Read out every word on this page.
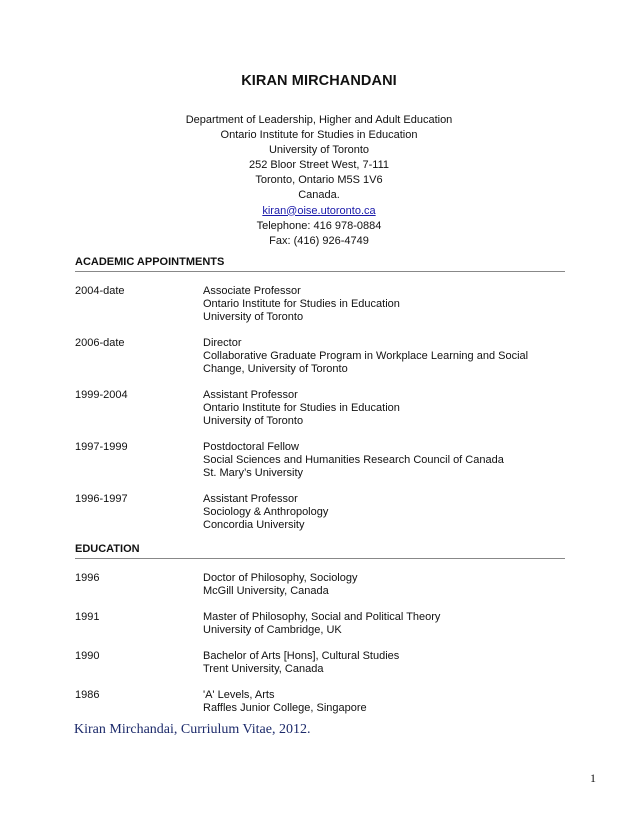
KIRAN MIRCHANDANI
Department of Leadership, Higher and Adult Education
Ontario Institute for Studies in Education
University of Toronto
252 Bloor Street West, 7-111
Toronto, Ontario M5S 1V6
Canada.
kiran@oise.utoronto.ca
Telephone: 416 978-0884
Fax: (416) 926-4749
ACADEMIC APPOINTMENTS
2004-date	Associate Professor
Ontario Institute for Studies in Education
University of Toronto
2006-date	Director
Collaborative Graduate Program in Workplace Learning and Social
Change, University of Toronto
1999-2004	Assistant Professor
Ontario Institute for Studies in Education
University of Toronto
1997-1999	Postdoctoral Fellow
Social Sciences and Humanities Research Council of Canada
St. Mary’s University
1996-1997	Assistant Professor
Sociology & Anthropology
Concordia University
EDUCATION
1996	Doctor of Philosophy, Sociology
McGill University, Canada
1991	Master of Philosophy, Social and Political Theory
University of Cambridge, UK
1990	Bachelor of Arts [Hons], Cultural Studies
Trent University, Canada
1986	'A' Levels, Arts
Raffles Junior College, Singapore
Kiran Mirchandai, Curriulum Vitae, 2012.
1
